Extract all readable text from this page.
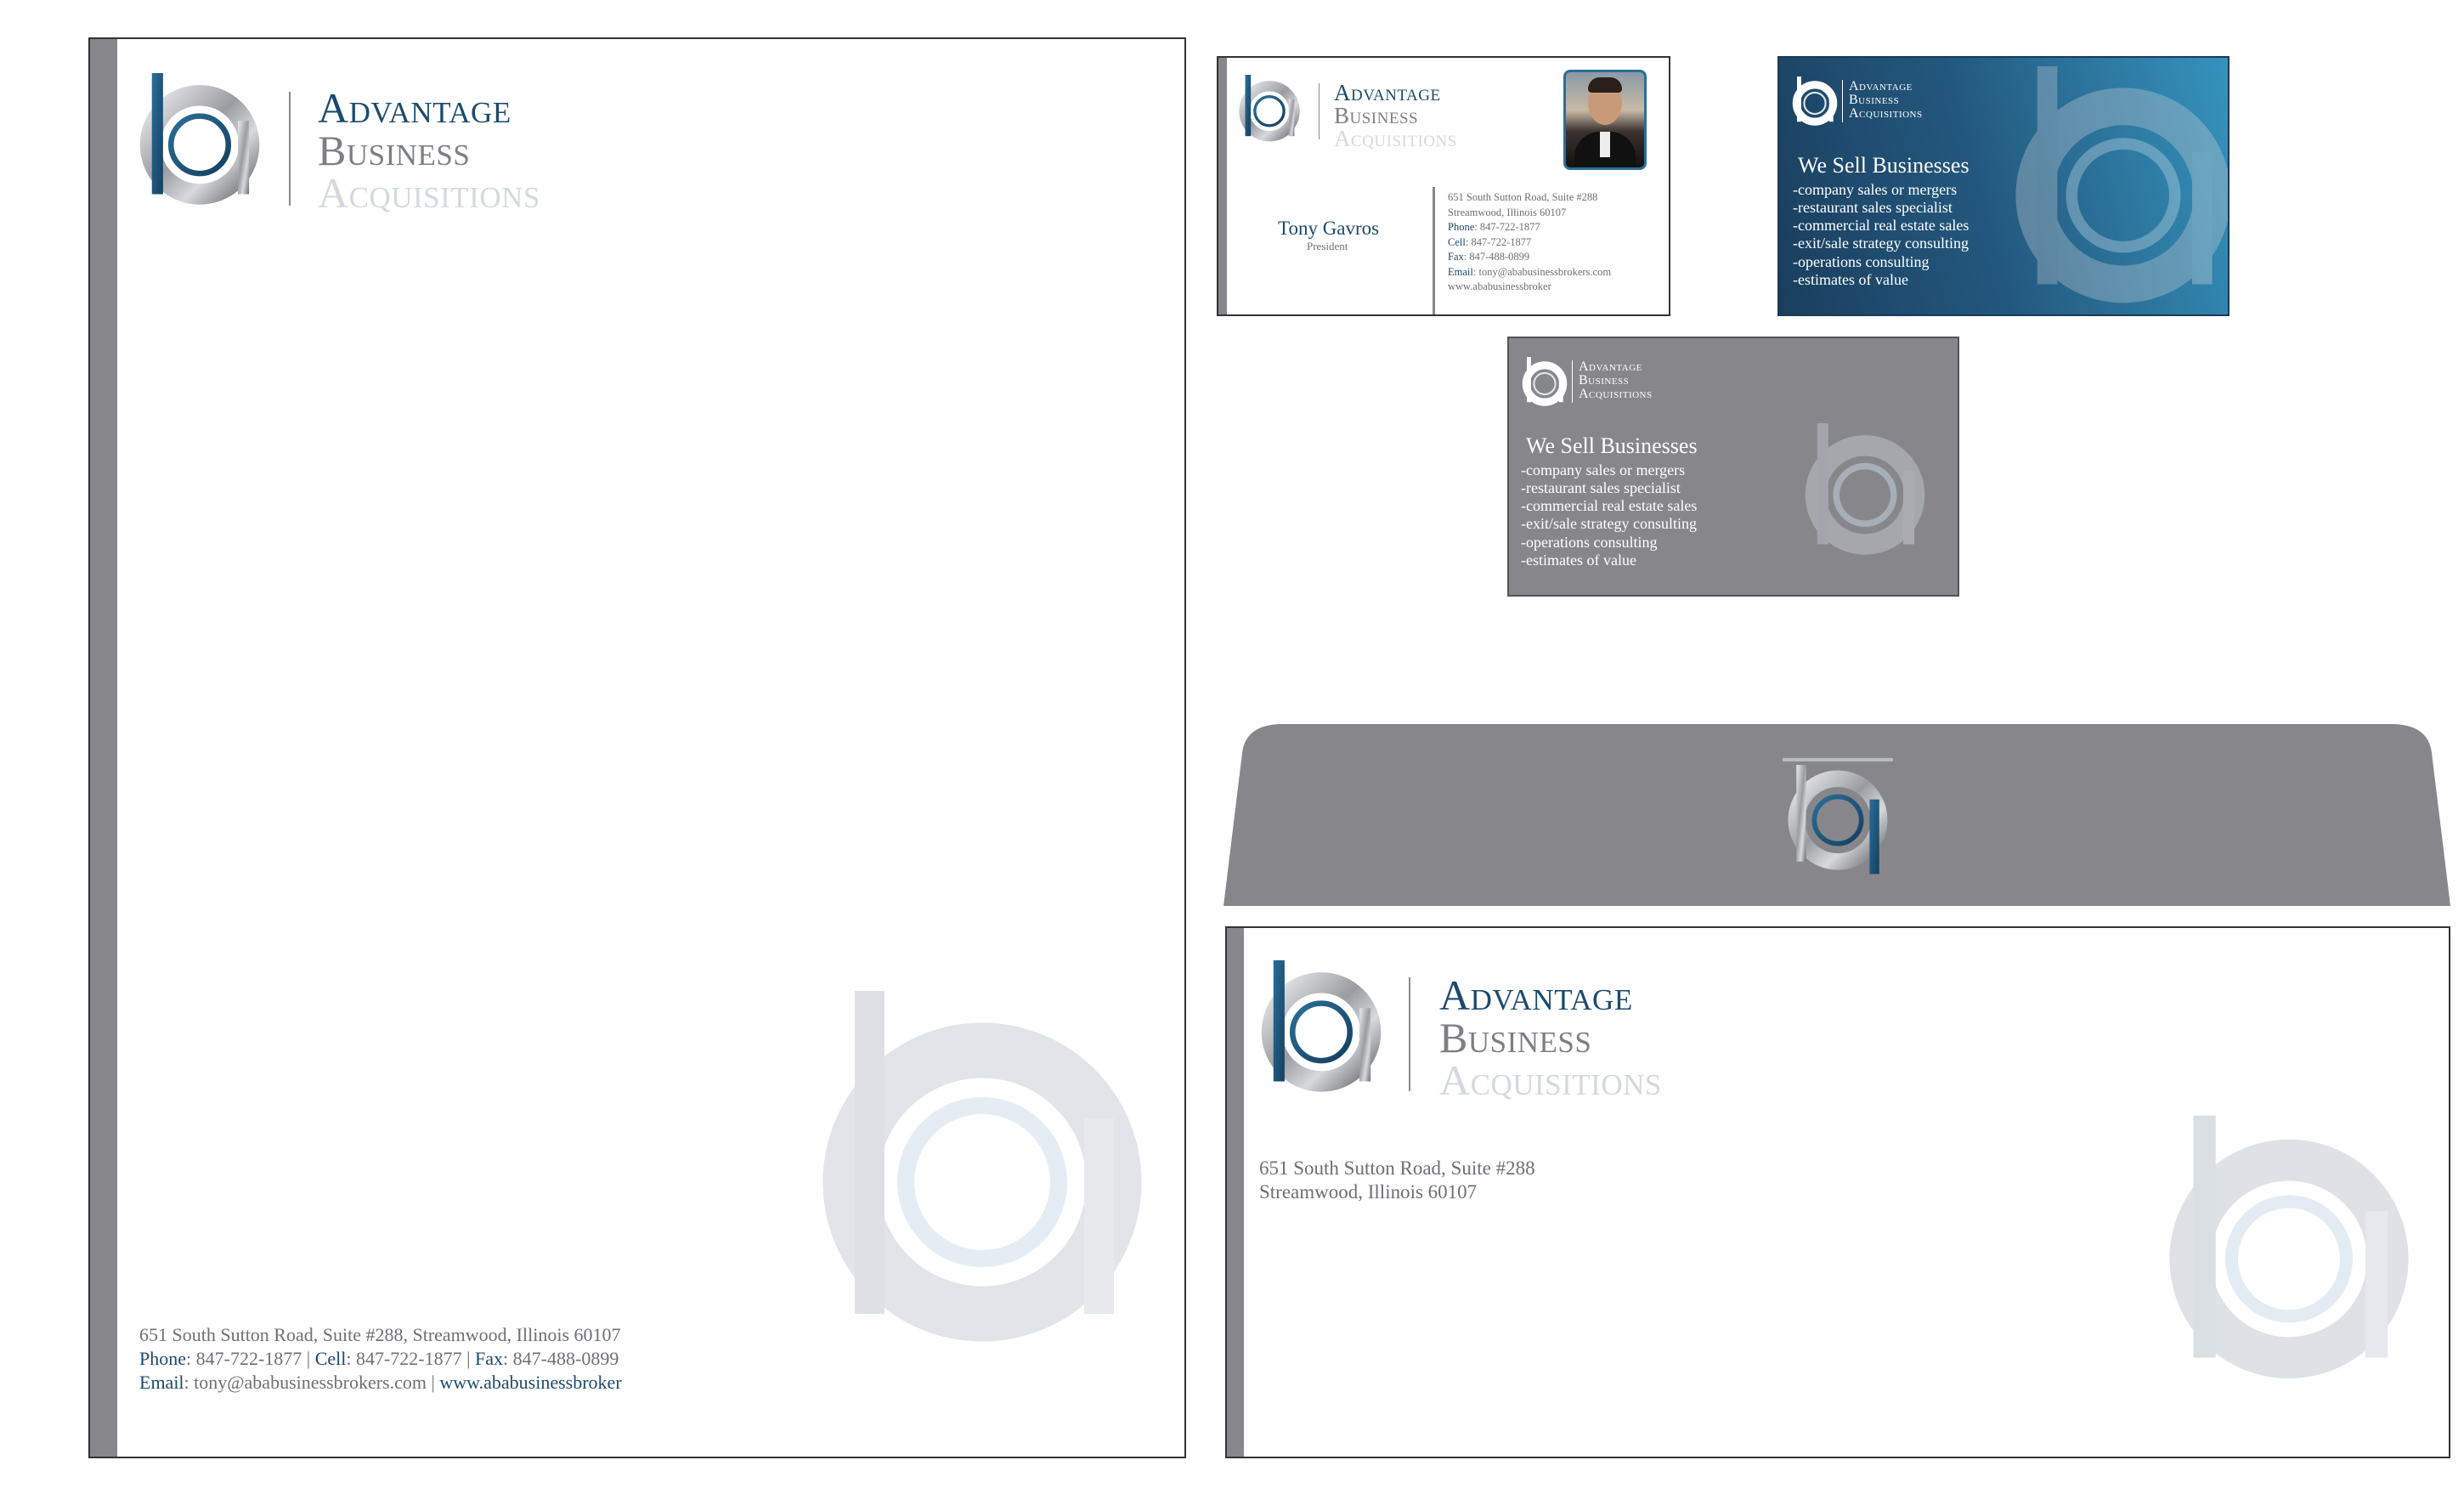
Advantage
Business
Acquisitions
651 South Sutton Road, Suite #288, Streamwood, Illinois 60107
Phone: 847-722-1877 | Cell: 847-722-1877 | Fax: 847-488-0899
Email: tony@ababusinessbrokers.com | www.ababusinessbroker
Advantage
Business
Acquisitions
Tony Gavros
President
651 South Sutton Road, Suite #288
Streamwood, Illinois 60107
Phone: 847-722-1877
Cell: 847-722-1877
Fax: 847-488-0899
Email: tony@ababusinessbrokers.com
www.ababusinessbroker
Advantage
Business
Acquisitions
We Sell Businesses
-company sales or mergers
-restaurant sales specialist
-commercial real estate sales
-exit/sale strategy consulting
-operations consulting
-estimates of value
Advantage
Business
Acquisitions
We Sell Businesses
-company sales or mergers
-restaurant sales specialist
-commercial real estate sales
-exit/sale strategy consulting
-operations consulting
-estimates of value
Advantage
Business
Acquisitions
651 South Sutton Road, Suite #288
Streamwood, Illinois 60107
